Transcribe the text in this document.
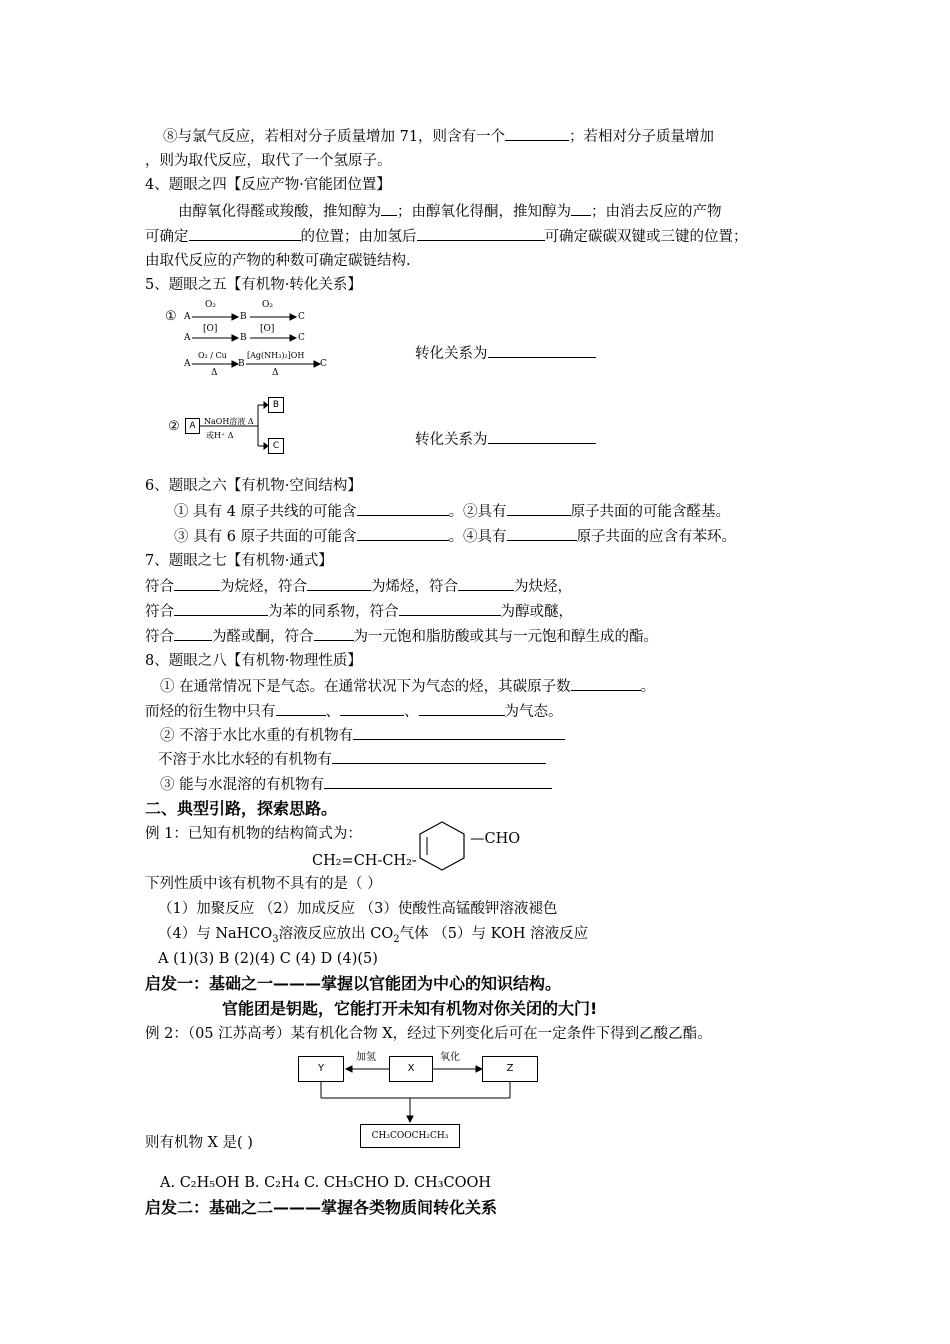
⑧与氯气反应，若相对分子质量增加 71，则含有一个	；若相对分子质量增加
，则为取代反应，取代了一个氢原子。
4、题眼之四【反应产物·官能团位置】
由醇氧化得醛或羧酸，推知醇为 ；由醇氧化得酮，推知醇为 ；由消去反应的产物
可确定	的位置；由加氢后	可确定碳碳双键或三键的位置；
由取代反应的产物的种数可确定碳链结构.
5、题眼之五【有机物·转化关系】
① A	B	C
O₂	O₂
A	B	C
[O]	[O]
A	B	C
O₂ / Cu	[Ag(NH₃)₂]OH
Δ	Δ
转化关系为
②	A
B
C
NaOH溶液 Δ
或H⁺ Δ	转化关系为
6、题眼之六【有机物·空间结构】
① 具有 4 原子共线的可能含	。②具有	原子共面的可能含醛基。
③ 具有 6 原子共面的可能含	。④具有	原子共面的应含有苯环。
7、题眼之七【有机物·通式】
符合	为烷烃，符合	为烯烃，符合	为炔烃，
符合	为苯的同系物，符合	为醇或醚，
符合	为醛或酮，符合	为一元饱和脂肪酸或其与一元饱和醇生成的酯。
8、题眼之八【有机物·物理性质】
① 在通常情况下是气态。在通常状况下为气态的烃，其碳原子数	。
而烃的衍生物中只有	、	、	为气态。
② 不溶于水比水重的有机物有
不溶于水比水轻的有机物有
③ 能与水混溶的有机物有
二、典型引路，探索思路。
例 1：已知有机物的结构简式为：	—CHO
CH₂=CH-CH₂-
下列性质中该有机物不具有的是（ ）
（1）加聚反应 （2）加成反应 （3）使酸性高锰酸钾溶液褪色
（4）与 NaHCO$_3$溶液反应放出 $CO_2$气体 （5）与 KOH 溶液反应
A (1)(3) B (2)(4) C (4) D (4)(5)
启发一：基础之一———掌握以官能团为中心的知识结构。
官能团是钥匙，它能打开未知有机物对你关闭的大门!
例 2：（05 江苏高考）某有机化合物 X，经过下列变化后可在一定条件下得到乙酸乙酯。
Y	X	Z
CH₃COOCH₂CH₃
加氢	氧化
则有机物 X 是( )
A. C₂H₅OH B. C₂H₄ C. CH₃CHO D. CH₃COOH
启发二：基础之二———掌握各类物质间转化关系
